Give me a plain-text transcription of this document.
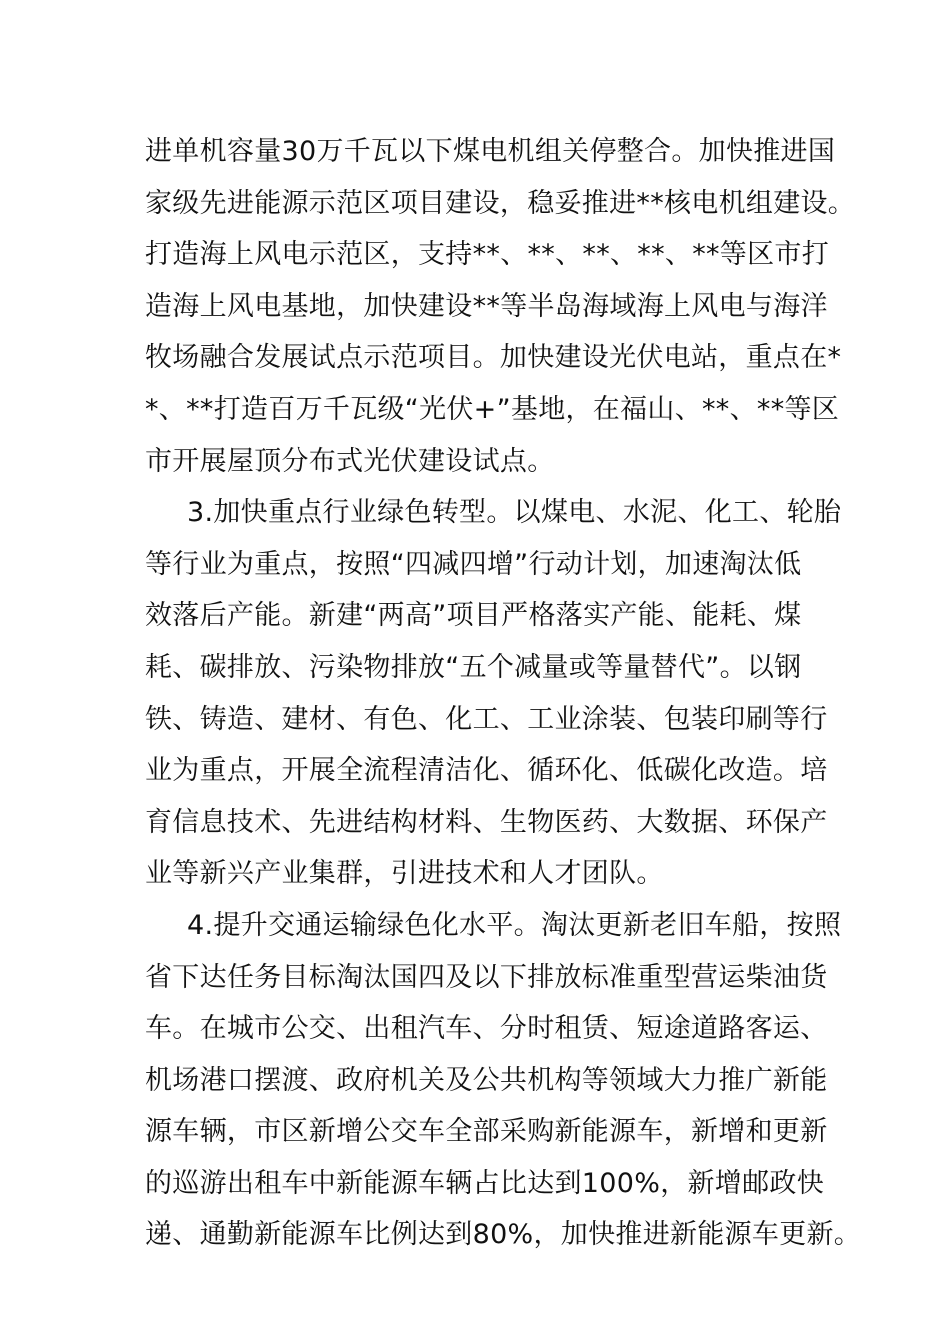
进单机容量30万千瓦以下煤电机组关停整合。加快推进国
家级先进能源示范区项目建设，稳妥推进**核电机组建设。
打造海上风电示范区，支持**、**、**、**、**等区市打
造海上风电基地，加快建设**等半岛海域海上风电与海洋
牧场融合发展试点示范项目。加快建设光伏电站，重点在*
*、**打造百万千瓦级“光伏+”基地，在福山、**、**等区
市开展屋顶分布式光伏建设试点。
3.加快重点行业绿色转型。以煤电、水泥、化工、轮胎
等行业为重点，按照“四减四增”行动计划，加速淘汰低
效落后产能。新建“两高”项目严格落实产能、能耗、煤
耗、碳排放、污染物排放“五个减量或等量替代”。以钢
铁、铸造、建材、有色、化工、工业涂装、包装印刷等行
业为重点，开展全流程清洁化、循环化、低碳化改造。培
育信息技术、先进结构材料、生物医药、大数据、环保产
业等新兴产业集群，引进技术和人才团队。
4.提升交通运输绿色化水平。淘汰更新老旧车船，按照
省下达任务目标淘汰国四及以下排放标准重型营运柴油货
车。在城市公交、出租汽车、分时租赁、短途道路客运、
机场港口摆渡、政府机关及公共机构等领域大力推广新能
源车辆，市区新增公交车全部采购新能源车，新增和更新
的巡游出租车中新能源车辆占比达到100%，新增邮政快
递、通勤新能源车比例达到80%，加快推进新能源车更新。
